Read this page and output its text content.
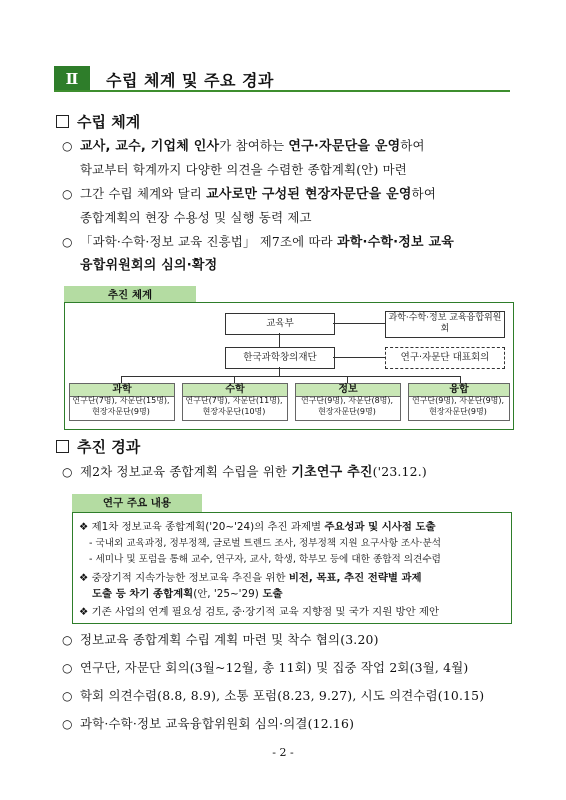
Ⅱ	수립 체계 및 주요 경과
수립 체계
○ 교사, 교수, 기업체 인사가 참여하는 연구·자문단을 운영하여
학교부터 학계까지 다양한 의견을 수렴한 종합계획(안) 마련
○ 그간 수립 체계와 달리 교사로만 구성된 현장자문단을 운영하여
종합계획의 현장 수용성 및 실행 동력 제고
○ 「과학·수학·정보 교육 진흥법」 제7조에 따라 과학·수학·정보 교육
융합위원회의 심의·확정
추진 체계
교육부	과학·수학·정보 교육융합위원회
한국과학창의재단	연구·자문단 대표회의
과학
연구단(7명), 자문단(15명),
현장자문단(9명)
수학
연구단(7명), 자문단(11명),
현장자문단(10명)
정보
연구단(9명), 자문단(8명),
현장자문단(9명)
융합
연구단(9명), 자문단(9명),
현장자문단(9명)
추진 경과
○ 제2차 정보교육 종합계획 수립을 위한 기초연구 추진('23.12.)
연구 주요 내용
❖ 제1차 정보교육 종합계획('20~'24)의 추진 과제별 주요성과 및 시사점 도출
- 국내외 교육과정, 정부정책, 글로벌 트렌드 조사, 정부정책 지원 요구사항 조사·분석
- 세미나 및 포럼을 통해 교수, 연구자, 교사, 학생, 학부모 등에 대한 종합적 의견수렴
❖ 중장기적 지속가능한 정보교육 추진을 위한 비전, 목표, 추진 전략별 과제
도출 등 차기 종합계획(안, '25~'29) 도출
❖ 기존 사업의 연계 필요성 검토, 중·장기적 교육 지향점 및 국가 지원 방안 제안
○ 정보교육 종합계획 수립 계획 마련 및 착수 협의(3.20)
○ 연구단, 자문단 회의(3월~12월, 총 11회) 및 집중 작업 2회(3월, 4월)
○ 학회 의견수렴(8.8, 8.9), 소통 포럼(8.23, 9.27), 시도 의견수렴(10.15)
○ 과학·수학·정보 교육융합위원회 심의·의결(12.16)
- 2 -
